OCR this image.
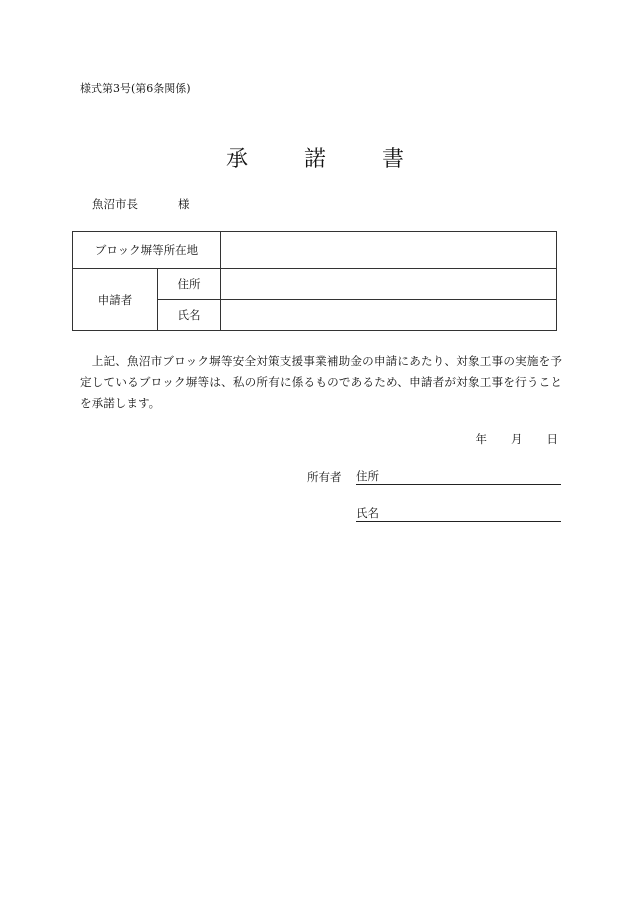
様式第3号(第6条関係)
承	諾	書
魚沼市長	様
ブロック塀等所在地		
申請者	住所	
	氏名	
　上記、魚沼市ブロック塀等安全対策支援事業補助金の申請にあたり、対象工事の実施を予定しているブロック塀等は、私の所有に係るものであるため、申請者が対象工事を行うことを承諾します。
年 月 日
所有者 住所
氏名
